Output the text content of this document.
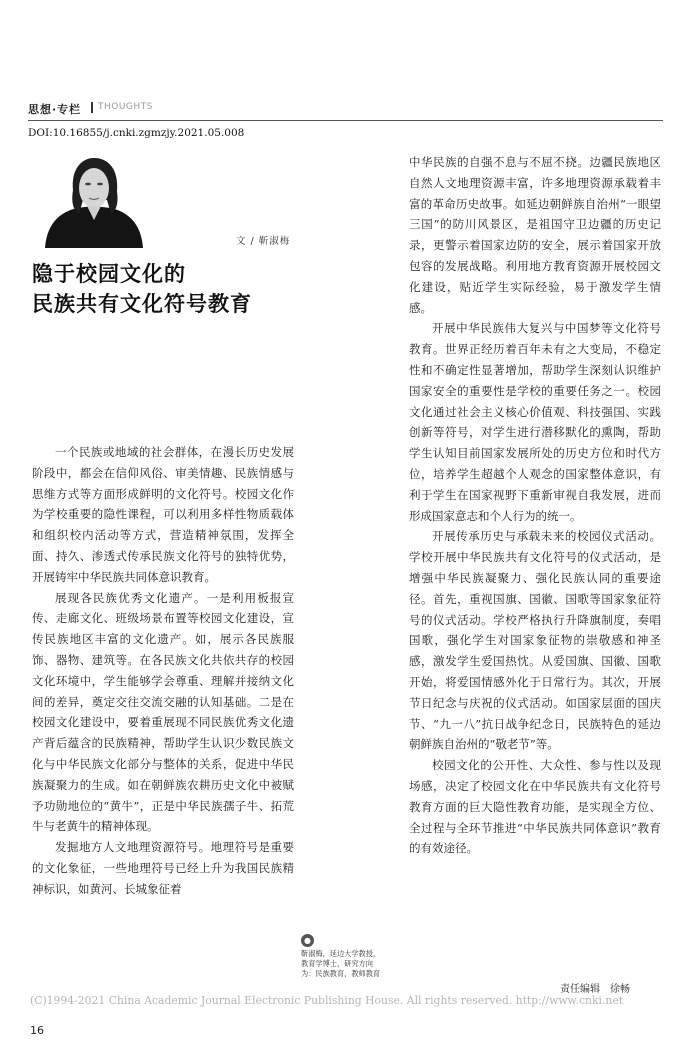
思想·专栏 THOUGHTS
DOI:10.16855/j.cnki.zgmzjy.2021.05.008
文 / 靳淑梅
隐于校园文化的
民族共有文化符号教育

一个民族或地域的社会群体，在漫长历史发展阶段中，都会在信仰风俗、审美情趣、民族情感与思维方式等方面形成鲜明的文化符号。校园文化作为学校重要的隐性课程，可以利用多样性物质载体和组织校内活动等方式，营造精神氛围，发挥全面、持久、渗透式传承民族文化符号的独特优势，开展铸牢中华民族共同体意识教育。

展现各民族优秀文化遗产。一是利用板报宣传、走廊文化、班级场景布置等校园文化建设，宣传民族地区丰富的文化遗产。如，展示各民族服饰、器物、建筑等。在各民族文化共依共存的校园文化环境中，学生能够学会尊重、理解并接纳文化间的差异，奠定交往交流交融的认知基础。二是在校园文化建设中，要着重展现不同民族优秀文化遗产背后蕴含的民族精神，帮助学生认识少数民族文化与中华民族文化部分与整体的关系，促进中华民族凝聚力的生成。如在朝鲜族农耕历史文化中被赋予功勋地位的“黄牛”，正是中华民族孺子牛、拓荒牛与老黄牛的精神体现。

发掘地方人文地理资源符号。地理符号是重要的文化象征，一些地理符号已经上升为我国民族精神标识，如黄河、长城象征着

中华民族的自强不息与不屈不挠。边疆民族地区自然人文地理资源丰富，许多地理资源承载着丰富的革命历史故事。如延边朝鲜族自治州“一眼望三国”的防川风景区，是祖国守卫边疆的历史记录，更警示着国家边防的安全，展示着国家开放包容的发展战略。利用地方教育资源开展校园文化建设，贴近学生实际经验，易于激发学生情感。

开展中华民族伟大复兴与中国梦等文化符号教育。世界正经历着百年未有之大变局，不稳定性和不确定性显著增加，帮助学生深刻认识维护国家安全的重要性是学校的重要任务之一。校园文化通过社会主义核心价值观、科技强国、实践创新等符号，对学生进行潜移默化的熏陶，帮助学生认知目前国家发展所处的历史方位和时代方位，培养学生超越个人观念的国家整体意识，有利于学生在国家视野下重新审视自我发展，进而形成国家意志和个人行为的统一。

开展传承历史与承载未来的校园仪式活动。学校开展中华民族共有文化符号的仪式活动，是增强中华民族凝聚力、强化民族认同的重要途径。首先，重视国旗、国徽、国歌等国家象征符号的仪式活动。学校严格执行升降旗制度，奏唱国歌，强化学生对国家象征物的崇敬感和神圣感，激发学生爱国热忱。从爱国旗、国徽、国歌开始，将爱国情感外化于日常行为。其次，开展节日纪念与庆祝的仪式活动。如国家层面的国庆节、“九一八”抗日战争纪念日，民族特色的延边朝鲜族自治州的“敬老节”等。

校园文化的公开性、大众性、参与性以及现场感，决定了校园文化在中华民族共有文化符号教育方面的巨大隐性教育功能，是实现全方位、全过程与全环节推进“中华民族共同体意识”教育的有效途径。

●
靳淑梅，延边大学教授，教育学博士，研究方向为：民族教育，教师教育
责任编辑　徐畅
(C)1994-2021 China Academic Journal Electronic Publishing House. All rights reserved. http://www.cnki.net
16
